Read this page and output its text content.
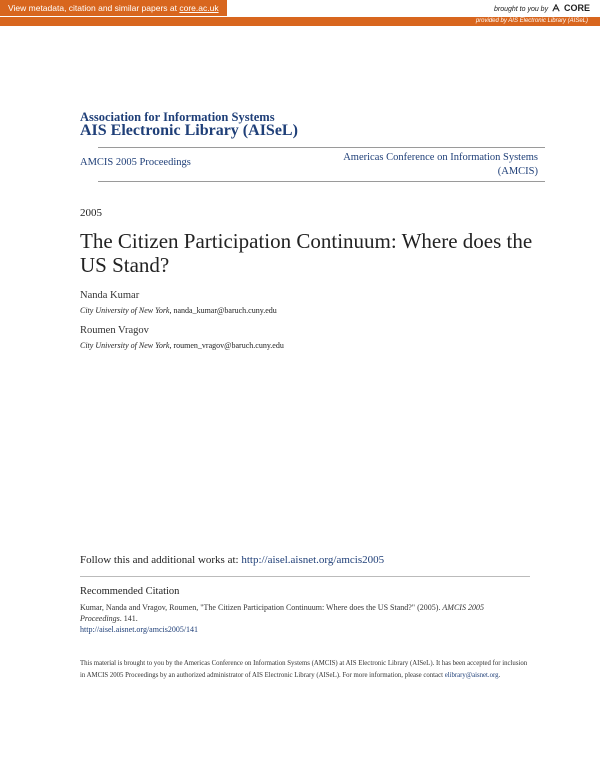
View metadata, citation and similar papers at core.ac.uk	brought to you by CORE
provided by AIS Electronic Library (AISeL)
Association for Information Systems
AIS Electronic Library (AISeL)
AMCIS 2005 Proceedings	Americas Conference on Information Systems
(AMCIS)
2005
The Citizen Participation Continuum: Where does the US Stand?
Nanda Kumar
City University of New York, nanda_kumar@baruch.cuny.edu
Roumen Vragov
City University of New York, roumen_vragov@baruch.cuny.edu
Follow this and additional works at: http://aisel.aisnet.org/amcis2005
Recommended Citation
Kumar, Nanda and Vragov, Roumen, "The Citizen Participation Continuum: Where does the US Stand?" (2005). AMCIS 2005 Proceedings. 141.
http://aisel.aisnet.org/amcis2005/141
This material is brought to you by the Americas Conference on Information Systems (AMCIS) at AIS Electronic Library (AISeL). It has been accepted for inclusion in AMCIS 2005 Proceedings by an authorized administrator of AIS Electronic Library (AISeL). For more information, please contact elibrary@aisnet.org.
